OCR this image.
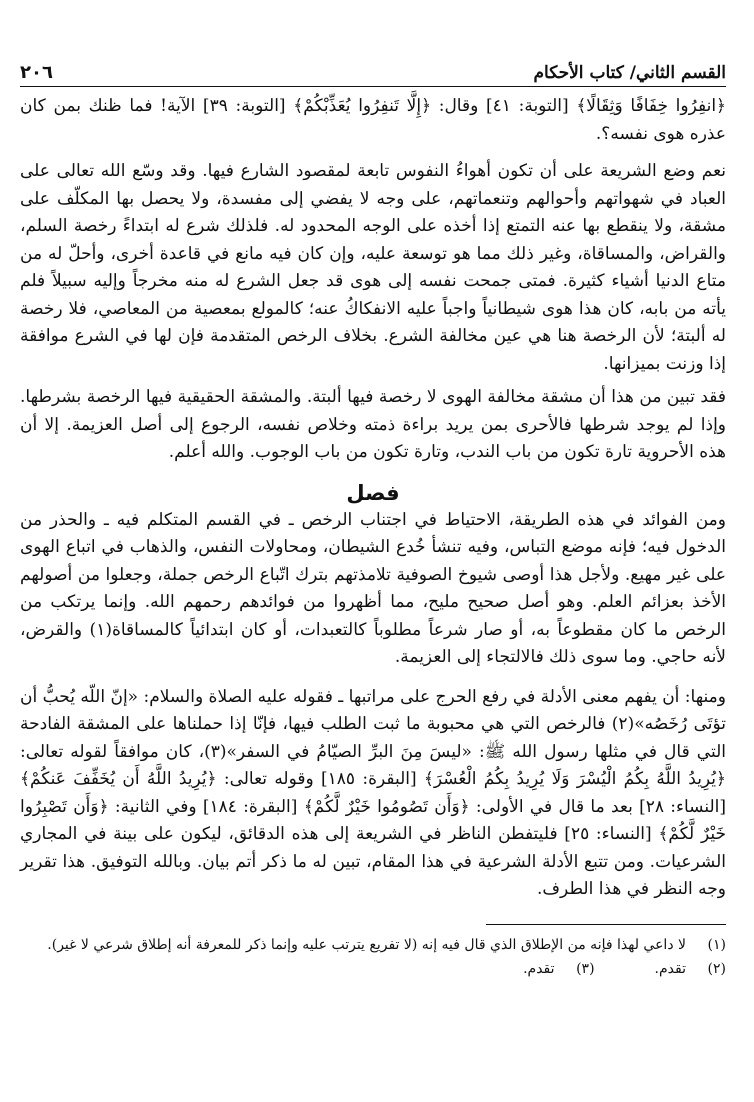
القسم الثاني/ كتاب الأحكام
٢٠٦

﴿انفِرُوا خِفَافًا وَثِقَالًا﴾ [التوبة: ٤١] وقال: ﴿إِلَّا تَنفِرُوا يُعَذِّبْكُمْ﴾ [التوبة: ٣٩] الآية! فما ظنك بمن كان عذره هوى نفسه؟.

نعم وضع الشريعة على أن تكون أهواءُ النفوس تابعة لمقصود الشارع فيها. وقد وسّع الله تعالى على العباد في شهواتهم وأحوالهم وتنعماتهم، على وجه لا يفضي إلى مفسدة، ولا يحصل بها المكلّف على مشقة، ولا ينقطع بها عنه التمتع إذا أخذه على الوجه المحدود له. فلذلك شرع له ابتداءً رخصة السلم، والقراض، والمساقاة، وغير ذلك مما هو توسعة عليه، وإن كان فيه مانع في قاعدة أخرى، وأحلّ له من متاع الدنيا أشياء كثيرة. فمتى جمحت نفسه إلى هوى قد جعل الشرع له منه مخرجاً وإليه سبيلاً فلم يأته من بابه، كان هذا هوى شيطانياً واجباً عليه الانفكاكُ عنه؛ كالمولع بمعصية من المعاصي، فلا رخصة له ألبتة؛ لأن الرخصة هنا هي عين مخالفة الشرع. بخلاف الرخص المتقدمة فإن لها في الشرع موافقة إذا وزنت بميزانها.

فقد تبين من هذا أن مشقة مخالفة الهوى لا رخصة فيها ألبتة. والمشقة الحقيقية فيها الرخصة بشرطها. وإذا لم يوجد شرطها فالأحرى بمن يريد براءة ذمته وخلاص نفسه، الرجوع إلى أصل العزيمة. إلا أن هذه الأحروية تارة تكون من باب الندب، وتارة تكون من باب الوجوب. والله أعلم.

فصل

ومن الفوائد في هذه الطريقة، الاحتياط في اجتناب الرخص ـ في القسم المتكلم فيه ـ والحذر من الدخول فيه؛ فإنه موضع التباس، وفيه تنشأ خُدع الشيطان، ومحاولات النفس، والذهاب في اتباع الهوى على غير مهيع. ولأجل هذا أوصى شيوخ الصوفية تلامذتهم بترك اتّباع الرخص جملة، وجعلوا من أصولهم الأخذ بعزائم العلم. وهو أصل صحيح مليح، مما أظهروا من فوائدهم رحمهم الله. وإنما يرتكب من الرخص ما كان مقطوعاً به، أو صار شرعاً مطلوباً كالتعبدات، أو كان ابتدائياً كالمساقاة(١) والقرض، لأنه حاجي. وما سوى ذلك فالالتجاء إلى العزيمة.

ومنها: أن يفهم معنى الأدلة في رفع الحرج على مراتبها ـ فقوله عليه الصلاة والسلام: «إنّ اللّه يُحبُّ أن تؤتَى رُخَصُه»(٢) فالرخص التي هي محبوبة ما ثبت الطلب فيها، فإنّا إذا حملناها على المشقة الفادحة التي قال في مثلها رسول الله ﷺ: «ليسَ مِنَ البرِّ الصيّامُ في السفر»(٣)، كان موافقاً لقوله تعالى: ﴿يُرِيدُ اللَّهُ بِكُمُ الْيُسْرَ وَلَا يُرِيدُ بِكُمُ الْعُسْرَ﴾ [البقرة: ١٨٥] وقوله تعالى: ﴿يُرِيدُ اللَّهُ أَن يُخَفِّفَ عَنكُمْ﴾ [النساء: ٢٨] بعد ما قال في الأولى: ﴿وَأَن تَصُومُوا خَيْرٌ لَّكُمْ﴾ [البقرة: ١٨٤] وفي الثانية: ﴿وَأَن تَصْبِرُوا خَيْرٌ لَّكُمْ﴾ [النساء: ٢٥] فليتفطن الناظر في الشريعة إلى هذه الدقائق، ليكون على بينة في المجاري الشرعيات. ومن تتبع الأدلة الشرعية في هذا المقام، تبين له ما ذكر أتم بيان. وبالله التوفيق. هذا تقرير وجه النظر في هذا الطرف.

(١)
لا داعي لهذا فإنه من الإطلاق الذي قال فيه إنه (لا تفريع يترتب عليه وإنما ذكر للمعرفة أنه إطلاق شرعي لا غير).
(٢)
تقدم.
(٣)
تقدم.
